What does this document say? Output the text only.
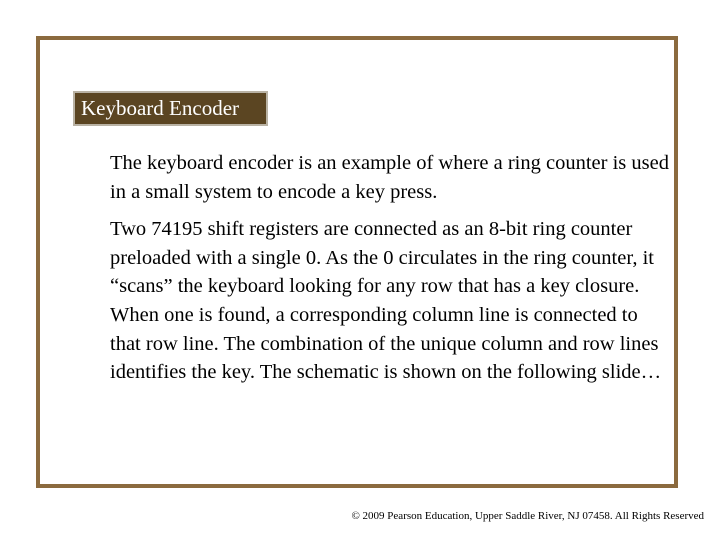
Keyboard Encoder

The keyboard encoder is an example of where a ring counter is used in a small system to encode a key press.

Two 74195 shift registers are connected as an 8-bit ring counter preloaded with a single 0. As the 0 circulates in the ring counter, it “scans” the keyboard looking for any row that has a key closure. When one is found, a corresponding column line is connected to that row line. The combination of the unique column and row lines identifies the key. The schematic is shown on the following slide…

© 2009 Pearson Education, Upper Saddle River, NJ 07458. All Rights Reserved
